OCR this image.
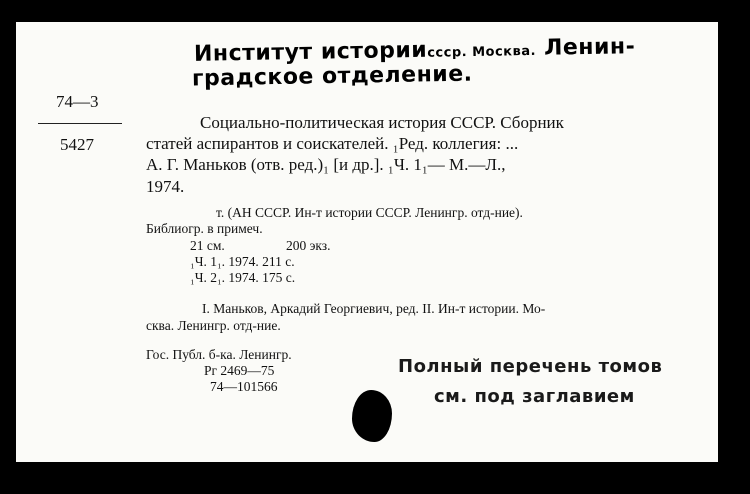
Институт историиссср. Москва. Ленин-
градское отделение.
74—3
5427
Социально-политическая история СССР. Сборник
статей аспирантов и соискателей. ₁Ред. коллегия: ...
А. Г. Маньков (отв. ред.)₁ [и др.]. ₁Ч. 1₁— М.—Л.,
1974.
т. (АН СССР. Ин-т истории СССР. Ленингр. отд-ние).
Библиогр. в примеч.
21 см.	200 экз.
₁Ч. 1₁. 1974. 211 с.
₁Ч. 2₁. 1974. 175 с.
I. Маньков, Аркадий Георгиевич, ред. II. Ин-т истории. Мо-
сква. Ленингр. отд-ние.
Гос. Публ. б-ка. Ленингр.
Рг 2469—75
74—101566
Полный перечень томов
см. под заглавием
